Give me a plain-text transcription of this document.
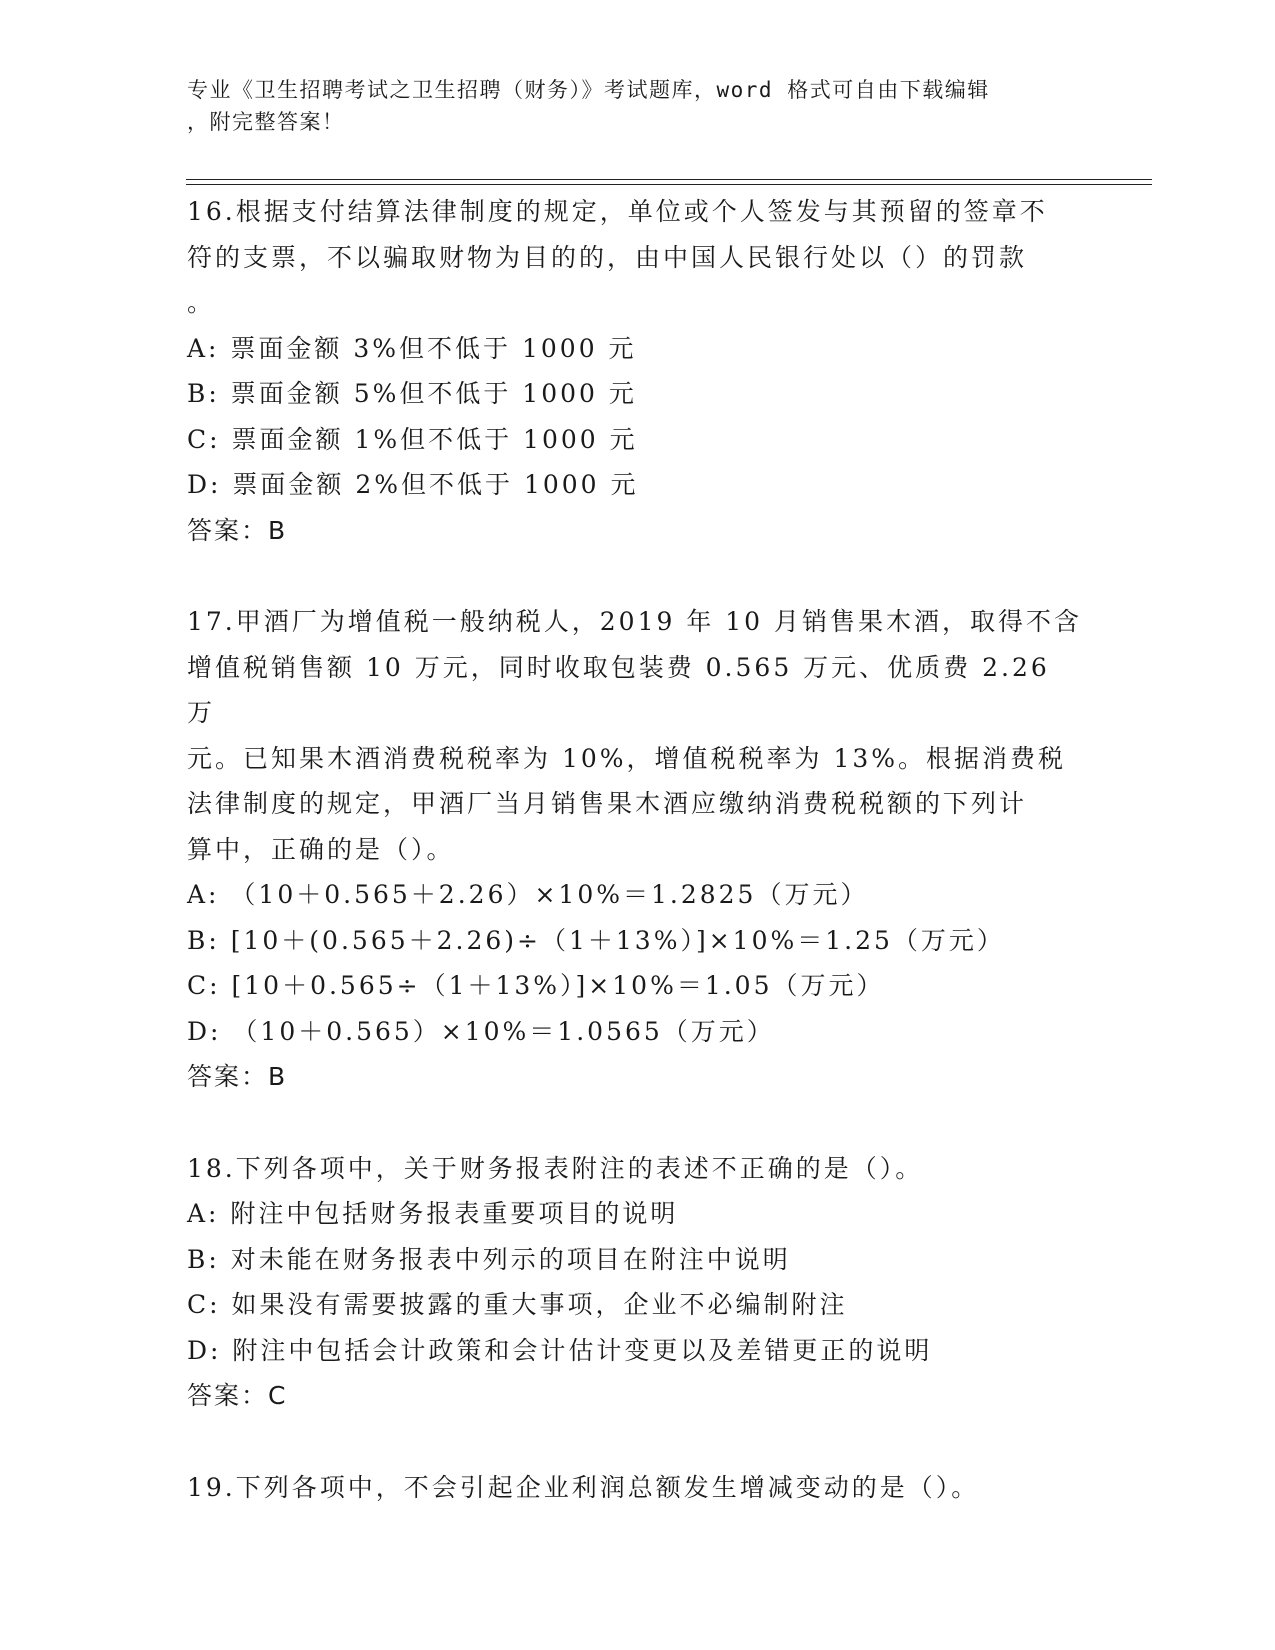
专业《卫生招聘考试之卫生招聘（财务）》考试题库，word 格式可自由下载编辑
，附完整答案！
16.根据支付结算法律制度的规定，单位或个人签发与其预留的签章不
符的支票，不以骗取财物为目的的，由中国人民银行处以（）的罚款
。
A: 票面金额 3%但不低于 1000 元
B: 票面金额 5%但不低于 1000 元
C: 票面金额 1%但不低于 1000 元
D: 票面金额 2%但不低于 1000 元
答案：B
17.甲酒厂为增值税一般纳税人，2019 年 10 月销售果木酒，取得不含
增值税销售额 10 万元，同时收取包装费 0.565 万元、优质费 2.26 万
元。已知果木酒消费税税率为 10%，增值税税率为 13%。根据消费税
法律制度的规定，甲酒厂当月销售果木酒应缴纳消费税税额的下列计
算中，正确的是（）。
A: （10＋0.565＋2.26）×10%＝1.2825（万元）
B: [10＋(0.565＋2.26)÷（1＋13%）]×10%＝1.25（万元）
C: [10＋0.565÷（1＋13%）]×10%＝1.05（万元）
D: （10＋0.565）×10%＝1.0565（万元）
答案：B
18.下列各项中，关于财务报表附注的表述不正确的是（）。
A: 附注中包括财务报表重要项目的说明
B: 对未能在财务报表中列示的项目在附注中说明
C: 如果没有需要披露的重大事项，企业不必编制附注
D: 附注中包括会计政策和会计估计变更以及差错更正的说明
答案：C
19.下列各项中，不会引起企业利润总额发生增减变动的是（）。
